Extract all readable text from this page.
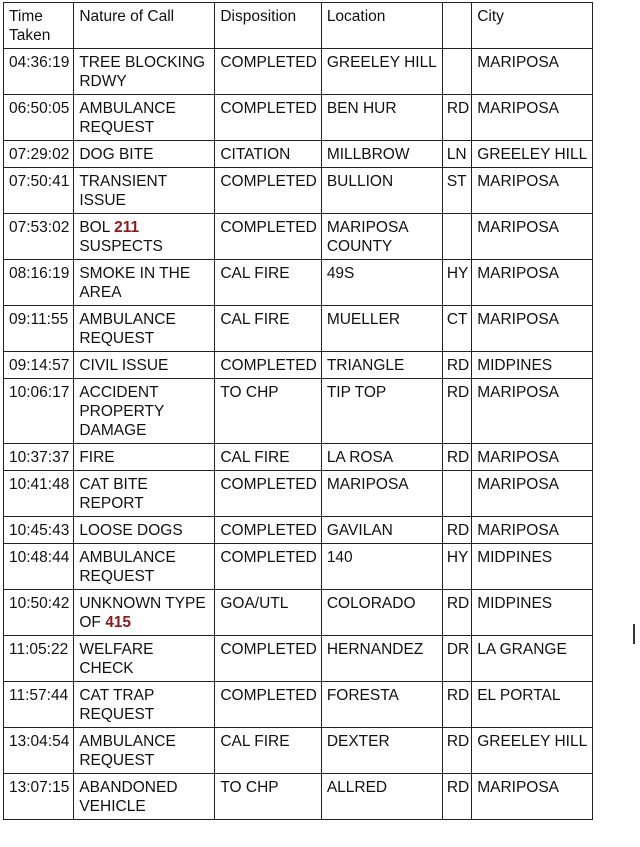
Time Taken	Nature of Call	Disposition	Location		City
04:36:19	TREE BLOCKING RDWY	COMPLETED	GREELEY HILL		MARIPOSA
06:50:05	AMBULANCE REQUEST	COMPLETED	BEN HUR	RD	MARIPOSA
07:29:02	DOG BITE	CITATION	MILLBROW	LN	GREELEY HILL
07:50:41	TRANSIENT ISSUE	COMPLETED	BULLION	ST	MARIPOSA
07:53:02	BOL 211 SUSPECTS	COMPLETED	MARIPOSA COUNTY		MARIPOSA
08:16:19	SMOKE IN THE AREA	CAL FIRE	49S	HY	MARIPOSA
09:11:55	AMBULANCE REQUEST	CAL FIRE	MUELLER	CT	MARIPOSA
09:14:57	CIVIL ISSUE	COMPLETED	TRIANGLE	RD	MIDPINES
10:06:17	ACCIDENT PROPERTY DAMAGE	TO CHP	TIP TOP	RD	MARIPOSA
10:37:37	FIRE	CAL FIRE	LA ROSA	RD	MARIPOSA
10:41:48	CAT BITE REPORT	COMPLETED	MARIPOSA		MARIPOSA
10:45:43	LOOSE DOGS	COMPLETED	GAVILAN	RD	MARIPOSA
10:48:44	AMBULANCE REQUEST	COMPLETED	140	HY	MIDPINES
10:50:42	UNKNOWN TYPE OF 415	GOA/UTL	COLORADO	RD	MIDPINES
11:05:22	WELFARE CHECK	COMPLETED	HERNANDEZ	DR	LA GRANGE
11:57:44	CAT TRAP REQUEST	COMPLETED	FORESTA	RD	EL PORTAL
13:04:54	AMBULANCE REQUEST	CAL FIRE	DEXTER	RD	GREELEY HILL
13:07:15	ABANDONED VEHICLE	TO CHP	ALLRED	RD	MARIPOSA
